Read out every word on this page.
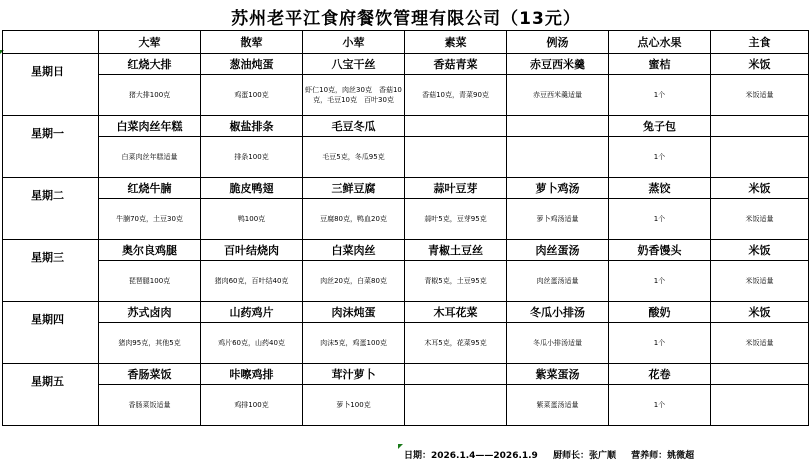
苏州老平江食府餐饮管理有限公司（13元）
	大荤	散荤	小荤	素菜	例汤	点心水果	主食
星期日	红烧大排	葱油炖蛋	八宝干丝	香菇青菜	赤豆西米羹	蜜桔	米饭
	猪大排100克	鸡蛋100克	虾仁10克，肉丝30克　香菇10克，毛豆10克　百叶30克	香菇10克，青菜90克	赤豆西米羹适量	1个	米饭适量
星期一	白菜肉丝年糕	椒盐排条	毛豆冬瓜			兔子包	
	白菜肉丝年糕适量	排条100克	毛豆5克，冬瓜95克			1个	
星期二	红烧牛腩	脆皮鸭翅	三鲜豆腐	蒜叶豆芽	萝卜鸡汤	蒸饺	米饭
	牛腩70克，土豆30克	鸭100克	豆腐80克，鸭血20克	蒜叶5克，豆芽95克	萝卜鸡汤适量	1个	米饭适量
星期三	奥尔良鸡腿	百叶结烧肉	白菜肉丝	青椒土豆丝	肉丝蛋汤	奶香馒头	米饭
	琵琶腿100克	猪肉60克，百叶结40克	肉丝20克，白菜80克	青椒5克，土豆95克	肉丝蛋汤适量	1个	米饭适量
星期四	苏式卤肉	山药鸡片	肉沫炖蛋	木耳花菜	冬瓜小排汤	酸奶	米饭
	猪肉95克，其他5克	鸡片60克，山药40克	肉沫5克，鸡蛋100克	木耳5克，花菜95克	冬瓜小排汤适量	1个	米饭适量
星期五	香肠菜饭	咔嚓鸡排	茸汁萝卜		紫菜蛋汤	花卷	
	香肠菜饭适量	鸡排100克	萝卜100克		紫菜蛋汤适量	1个	
日期：2026.1.4——2026.1.9 厨师长：张广顺 营养师：姚微超
